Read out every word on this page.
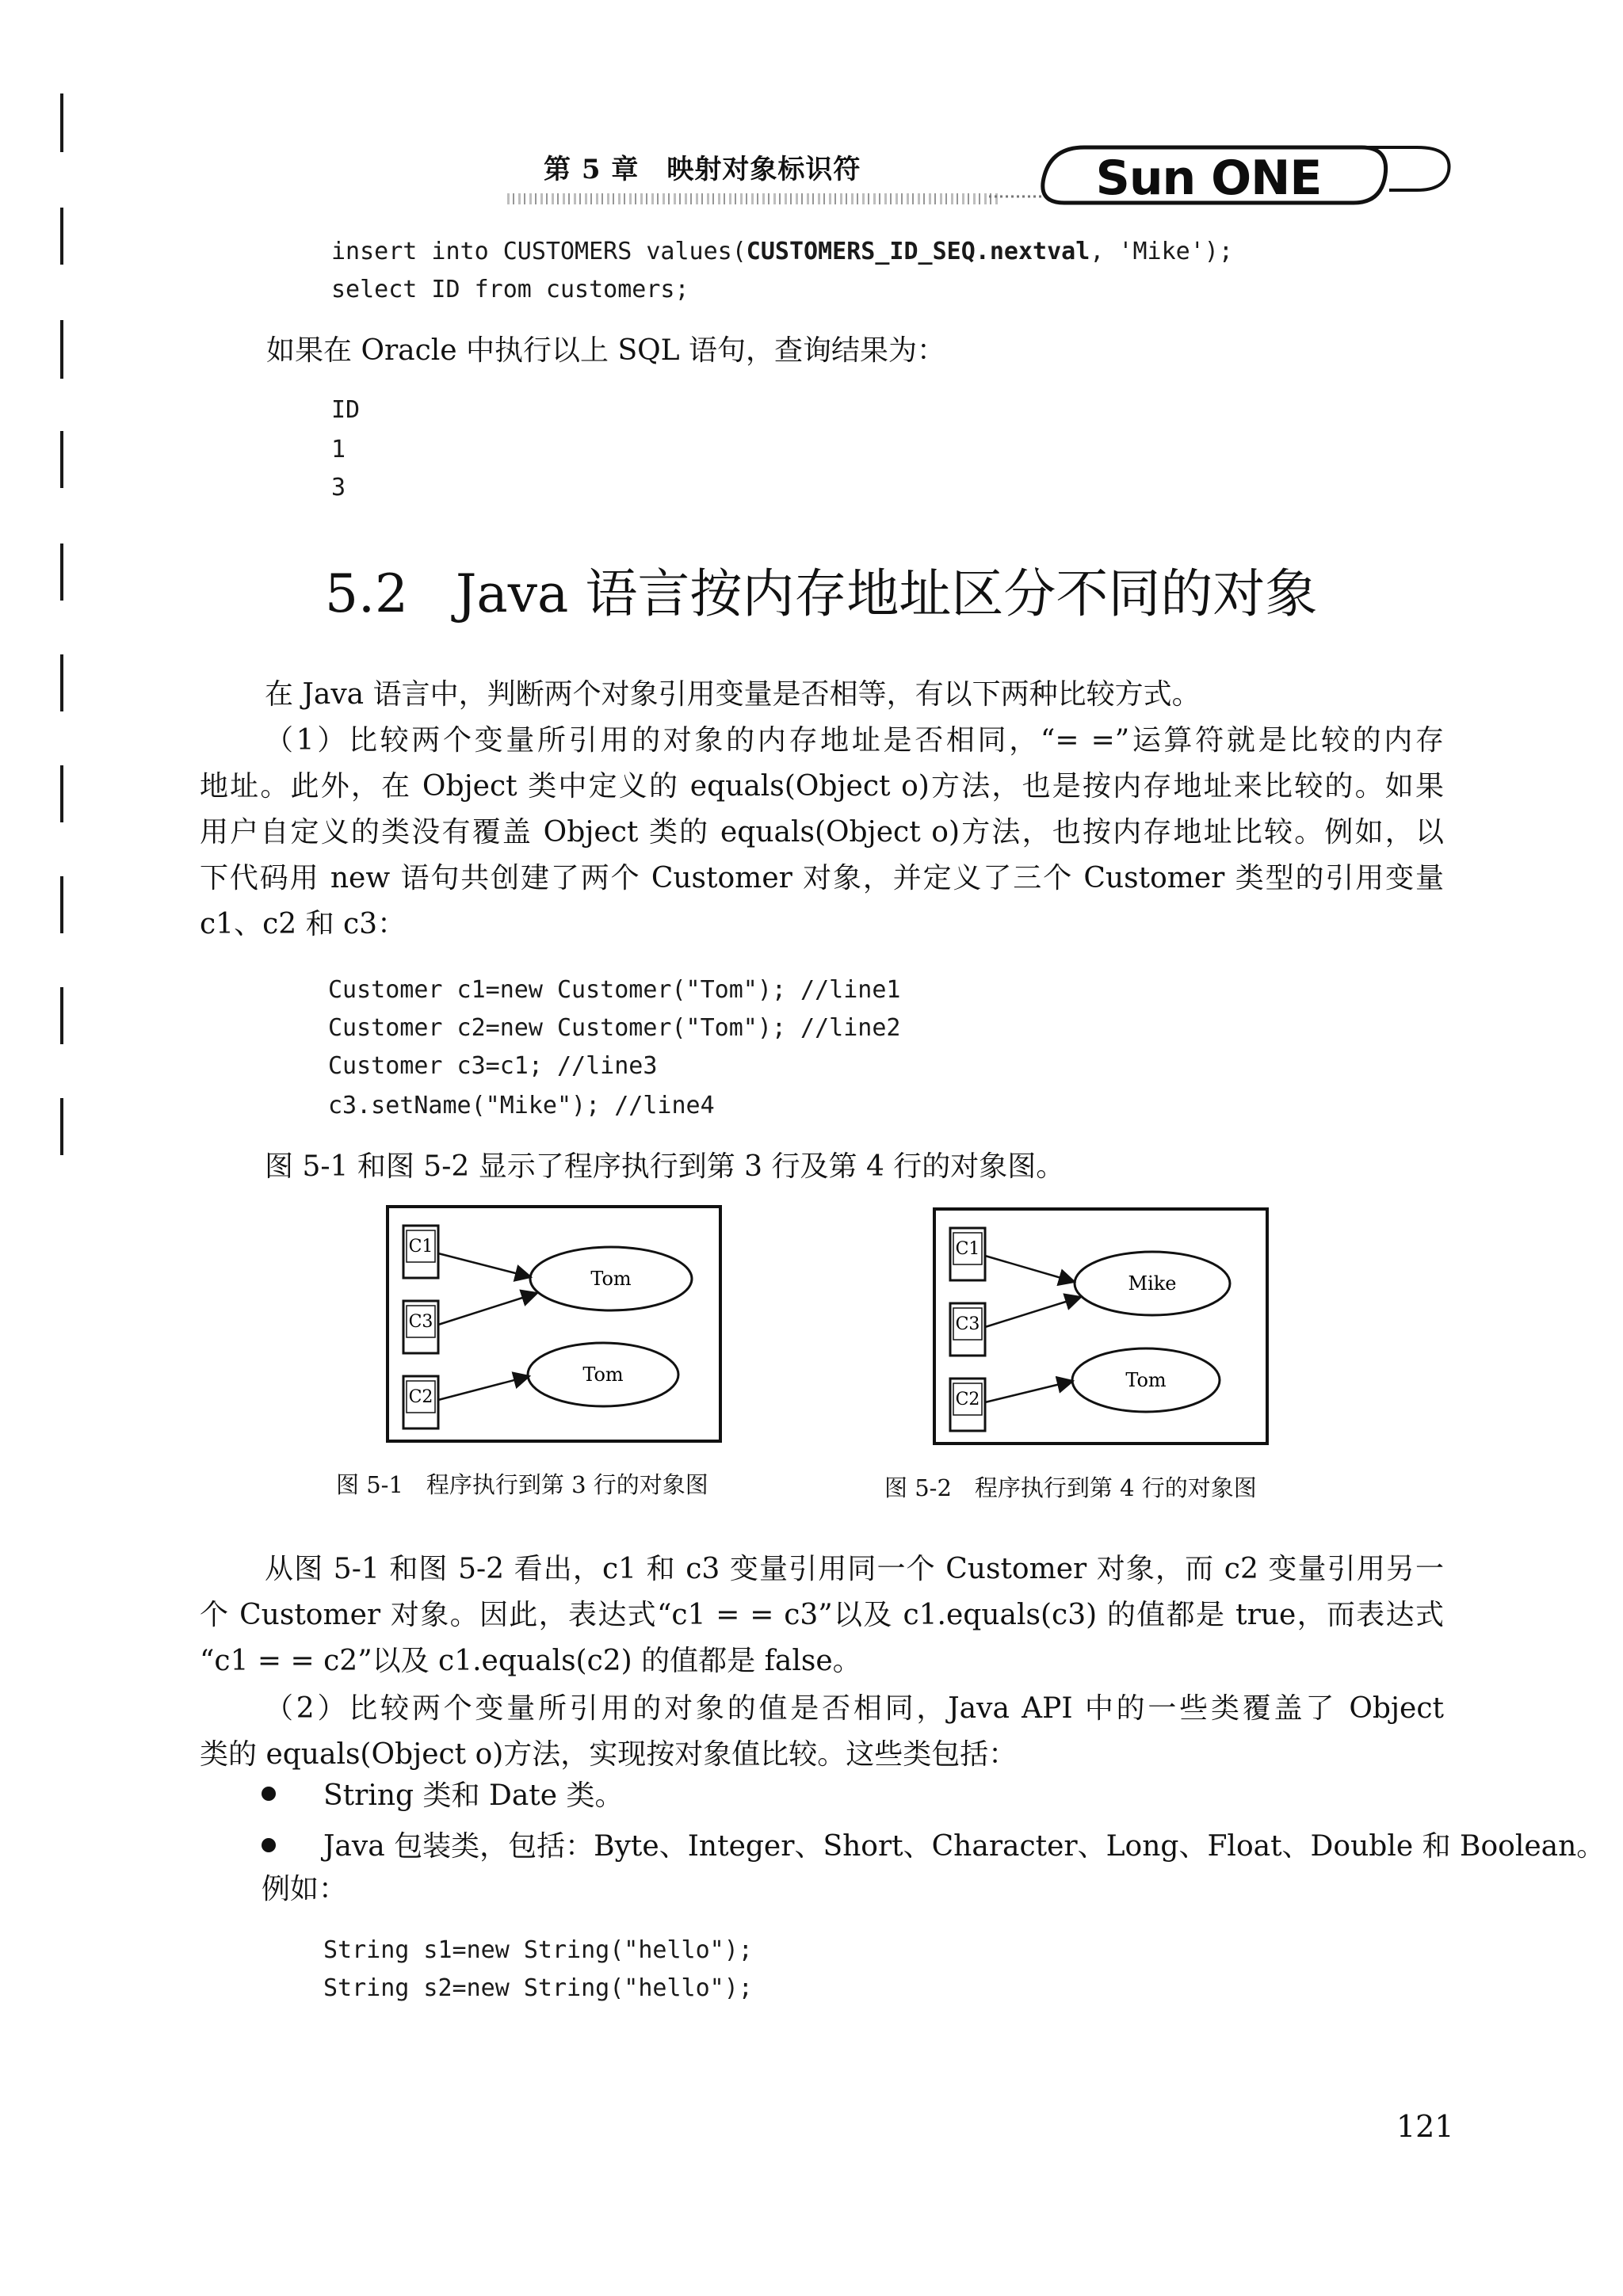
第 5 章　映射对象标识符	Sun ONE
insert into CUSTOMERS values(CUSTOMERS_ID_SEQ.nextval, 'Mike');
select ID from customers;
如果在 Oracle 中执行以上 SQL 语句，查询结果为：
ID
1
3
5.2 Java 语言按内存地址区分不同的对象
在 Java 语言中，判断两个对象引用变量是否相等，有以下两种比较方式。

（1）比较两个变量所引用的对象的内存地址是否相同，“= =”运算符就是比较的内存

地址。此外，在 Object 类中定义的 equals(Object o)方法，也是按内存地址来比较的。如果

用户自定义的类没有覆盖 Object 类的 equals(Object o)方法，也按内存地址比较。例如，以

下代码用 new 语句共创建了两个 Customer 对象，并定义了三个 Customer 类型的引用变量

c1、c2 和 c3：

Customer c1=new Customer("Tom"); //line1
Customer c2=new Customer("Tom"); //line2
Customer c3=c1; //line3
c3.setName("Mike"); //line4
图 5-1 和图 5-2 显示了程序执行到第 3 行及第 4 行的对象图。
C1
C3
C2
Tom
Tom
C1
C3
C2
Mike
Tom
图 5-1　程序执行到第 3 行的对象图	图 5-2　程序执行到第 4 行的对象图

从图 5-1 和图 5-2 看出，c1 和 c3 变量引用同一个 Customer 对象，而 c2 变量引用另一

个 Customer 对象。因此，表达式“c1 = = c3”以及 c1.equals(c3) 的值都是 true，而表达式

“c1 = = c2”以及 c1.equals(c2) 的值都是 false。

（2）比较两个变量所引用的对象的值是否相同，Java API 中的一些类覆盖了 Object

类的 equals(Object o)方法，实现按对象值比较。这些类包括：

String 类和 Date 类。
Java 包装类，包括：Byte、Integer、Short、Character、Long、Float、Double 和 Boolean。
例如：
String s1=new String("hello");
String s2=new String("hello");
121
